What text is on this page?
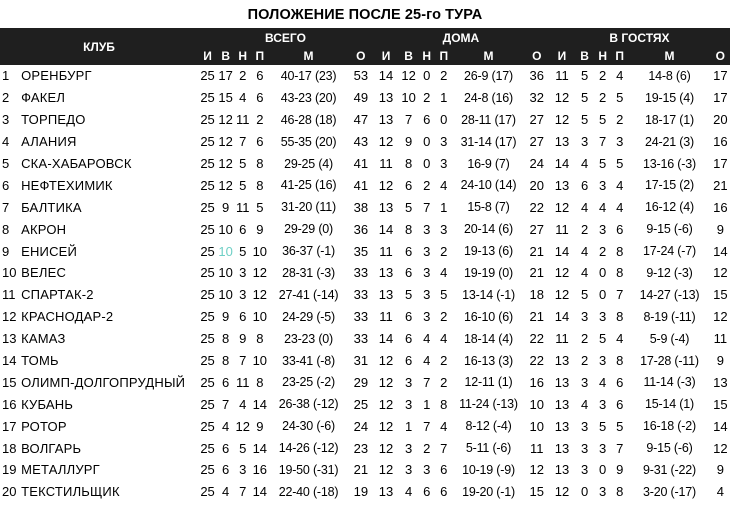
ПОЛОЖЕНИЕ ПОСЛЕ 25-го ТУРА
КЛУБ		ВСЕГО						ДОМА						В ГОСТЯХ					
		И	В	Н	П	М	О	И	В	Н	П	М	О	И	В	Н	П	М	О
1	ОРЕНБУРГ	25	17	2	6	40-17 (23)	53	14	12	0	2	26-9 (17)	36	11	5	2	4	14-8 (6)	17
2	ФАКЕЛ	25	15	4	6	43-23 (20)	49	13	10	2	1	24-8 (16)	32	12	5	2	5	19-15 (4)	17
3	ТОРПЕДО	25	12	11	2	46-28 (18)	47	13	7	6	0	28-11 (17)	27	12	5	5	2	18-17 (1)	20
4	АЛАНИЯ	25	12	7	6	55-35 (20)	43	12	9	0	3	31-14 (17)	27	13	3	7	3	24-21 (3)	16
5	СКА-ХАБАРОВСК	25	12	5	8	29-25 (4)	41	11	8	0	3	16-9 (7)	24	14	4	5	5	13-16 (-3)	17
6	НЕФТЕХИМИК	25	12	5	8	41-25 (16)	41	12	6	2	4	24-10 (14)	20	13	6	3	4	17-15 (2)	21
7	БАЛТИКА	25	9	11	5	31-20 (11)	38	13	5	7	1	15-8 (7)	22	12	4	4	4	16-12 (4)	16
8	АКРОН	25	10	6	9	29-29 (0)	36	14	8	3	3	20-14 (6)	27	11	2	3	6	9-15 (-6)	9
9	ЕНИСЕЙ	25	10	5	10	36-37 (-1)	35	11	6	3	2	19-13 (6)	21	14	4	2	8	17-24 (-7)	14
10	ВЕЛЕС	25	10	3	12	28-31 (-3)	33	13	6	3	4	19-19 (0)	21	12	4	0	8	9-12 (-3)	12
11	СПАРТАК-2	25	10	3	12	27-41 (-14)	33	13	5	3	5	13-14 (-1)	18	12	5	0	7	14-27 (-13)	15
12	КРАСНОДАР-2	25	9	6	10	24-29 (-5)	33	11	6	3	2	16-10 (6)	21	14	3	3	8	8-19 (-11)	12
13	КАМАЗ	25	8	9	8	23-23 (0)	33	14	6	4	4	18-14 (4)	22	11	2	5	4	5-9 (-4)	11
14	ТОМЬ	25	8	7	10	33-41 (-8)	31	12	6	4	2	16-13 (3)	22	13	2	3	8	17-28 (-11)	9
15	ОЛИМП-ДОЛГОПРУДНЫЙ	25	6	11	8	23-25 (-2)	29	12	3	7	2	12-11 (1)	16	13	3	4	6	11-14 (-3)	13
16	КУБАНЬ	25	7	4	14	26-38 (-12)	25	12	3	1	8	11-24 (-13)	10	13	4	3	6	15-14 (1)	15
17	РОТОР	25	4	12	9	24-30 (-6)	24	12	1	7	4	8-12 (-4)	10	13	3	5	5	16-18 (-2)	14
18	ВОЛГАРЬ	25	6	5	14	14-26 (-12)	23	12	3	2	7	5-11 (-6)	11	13	3	3	7	9-15 (-6)	12
19	МЕТАЛЛУРГ	25	6	3	16	19-50 (-31)	21	12	3	3	6	10-19 (-9)	12	13	3	0	9	9-31 (-22)	9
20	ТЕКСТИЛЬЩИК	25	4	7	14	22-40 (-18)	19	13	4	6	6	19-20 (-1)	15	12	0	3	8	3-20 (-17)	4
